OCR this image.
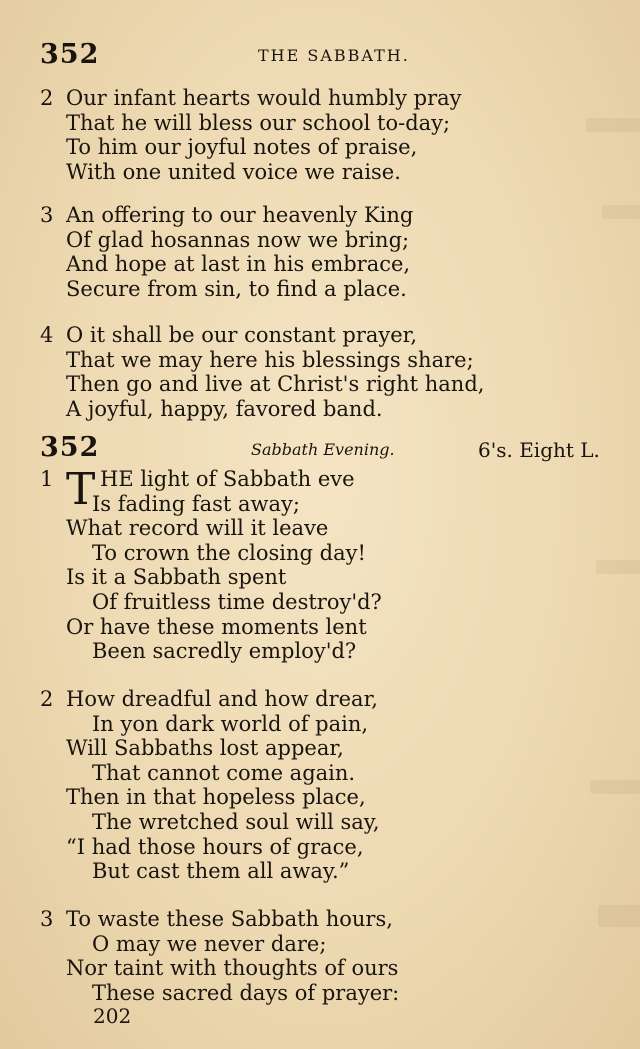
352	THE SABBATH.
2 Our infant hearts would humbly pray
That he will bless our school to-day;
To him our joyful notes of praise,
With one united voice we raise.
3 An offering to our heavenly King
Of glad hosannas now we bring;
And hope at last in his embrace,
Secure from sin, to find a place.
4 O it shall be our constant prayer,
That we may here his blessings share;
Then go and live at Christ's right hand,
A joyful, happy, favored band.
352	Sabbath Evening.	6's. Eight L.
1 T HE light of Sabbath eve
Is fading fast away;
What record will it leave
To crown the closing day!
Is it a Sabbath spent
Of fruitless time destroy'd?
Or have these moments lent
Been sacredly employ'd?
2 How dreadful and how drear,
In yon dark world of pain,
Will Sabbaths lost appear,
That cannot come again.
Then in that hopeless place,
The wretched soul will say,
“I had those hours of grace,
But cast them all away.”
3 To waste these Sabbath hours,
O may we never dare;
Nor taint with thoughts of ours
These sacred days of prayer:
202
